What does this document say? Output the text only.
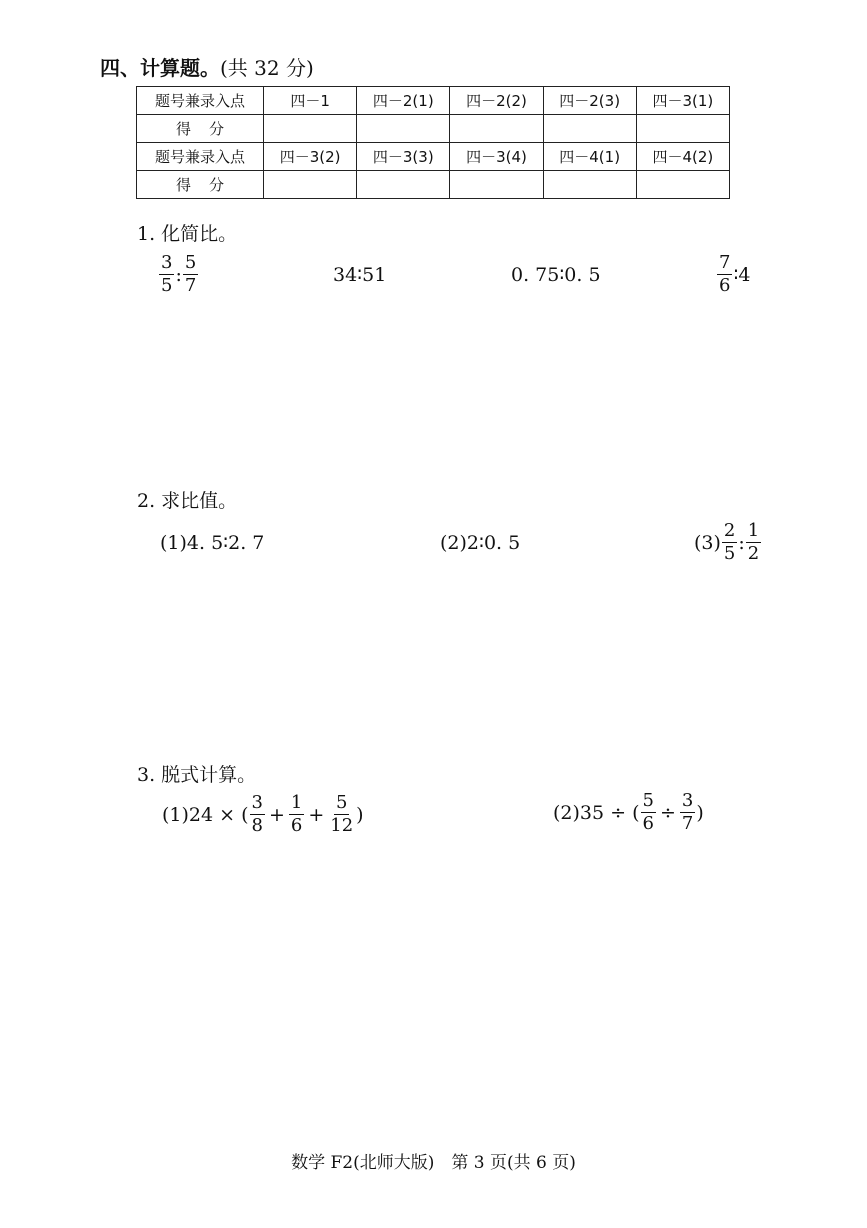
四、计算题。(共 32 分)
题号兼录入点	四－1	四－2(1)	四－2(2)	四－2(3)	四－3(1)
得分					
题号兼录入点	四－3(2)	四－3(3)	四－3(4)	四－4(1)	四－4(2)
得分					
1. 化简比。
$\frac{3}{5}$ : $\frac{5}{7}$	34∶51	0. 75∶0. 5	$\frac{7}{6}$ ∶4
2. 求比值。
(1)4. 5∶2. 7	(2)2∶0. 5	$(3) \frac{2}{5}$ : $\frac{1}{2}$
3. 脱式计算。
(1)24 × ( $\frac{3}{8} + \frac{1}{6} + \frac{5}{12}$ )	(2)35 ÷ ( $\frac{5}{6} \div \frac{3}{7}$ )
数学 F2(北师大版)　第 3 页(共 6 页)
